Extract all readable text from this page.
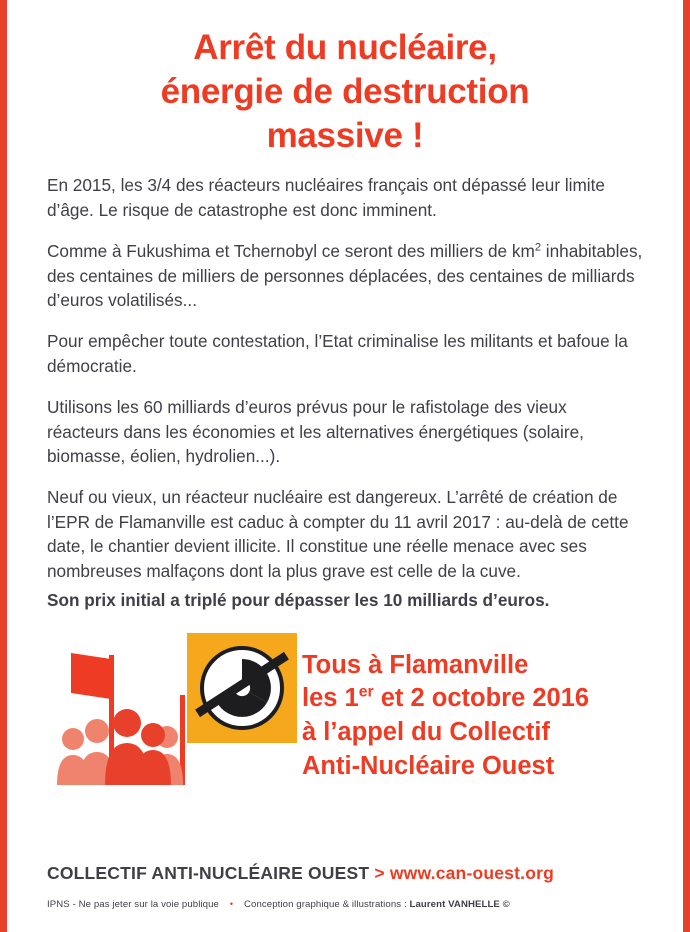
Arrêt du nucléaire,
énergie de destruction
massive !

En 2015, les 3/4 des réacteurs nucléaires français ont dépassé leur limite d’âge. Le risque de catastrophe est donc imminent.

Comme à Fukushima et Tchernobyl ce seront des milliers de $km^2$ inhabitables, des centaines de milliers de personnes déplacées, des centaines de milliards d’euros volatilisés...

Pour empêcher toute contestation, l’Etat criminalise les militants et bafoue la démocratie.

Utilisons les 60 milliards d’euros prévus pour le rafistolage des vieux réacteurs dans les économies et les alternatives énergétiques (solaire, biomasse, éolien, hydrolien...).

Neuf ou vieux, un réacteur nucléaire est dangereux. L’arrêté de création de l’EPR de Flamanville est caduc à compter du 11 avril 2017 : au-delà de cette date, le chantier devient illicite. Il constitue une réelle menace avec ses nombreuses malfaçons dont la plus grave est celle de la cuve.

Son prix initial a triplé pour dépasser les 10 milliards d’euros.

Tous à Flamanville
les 1er et 2 octobre 2016
à l’appel du Collectif
Anti-Nucléaire Ouest
COLLECTIF ANTI-NUCLÉAIRE OUEST > www.can-ouest.org
IPNS - Ne pas jeter sur la voie publique • Conception graphique & illustrations : Laurent VANHELLE ©
